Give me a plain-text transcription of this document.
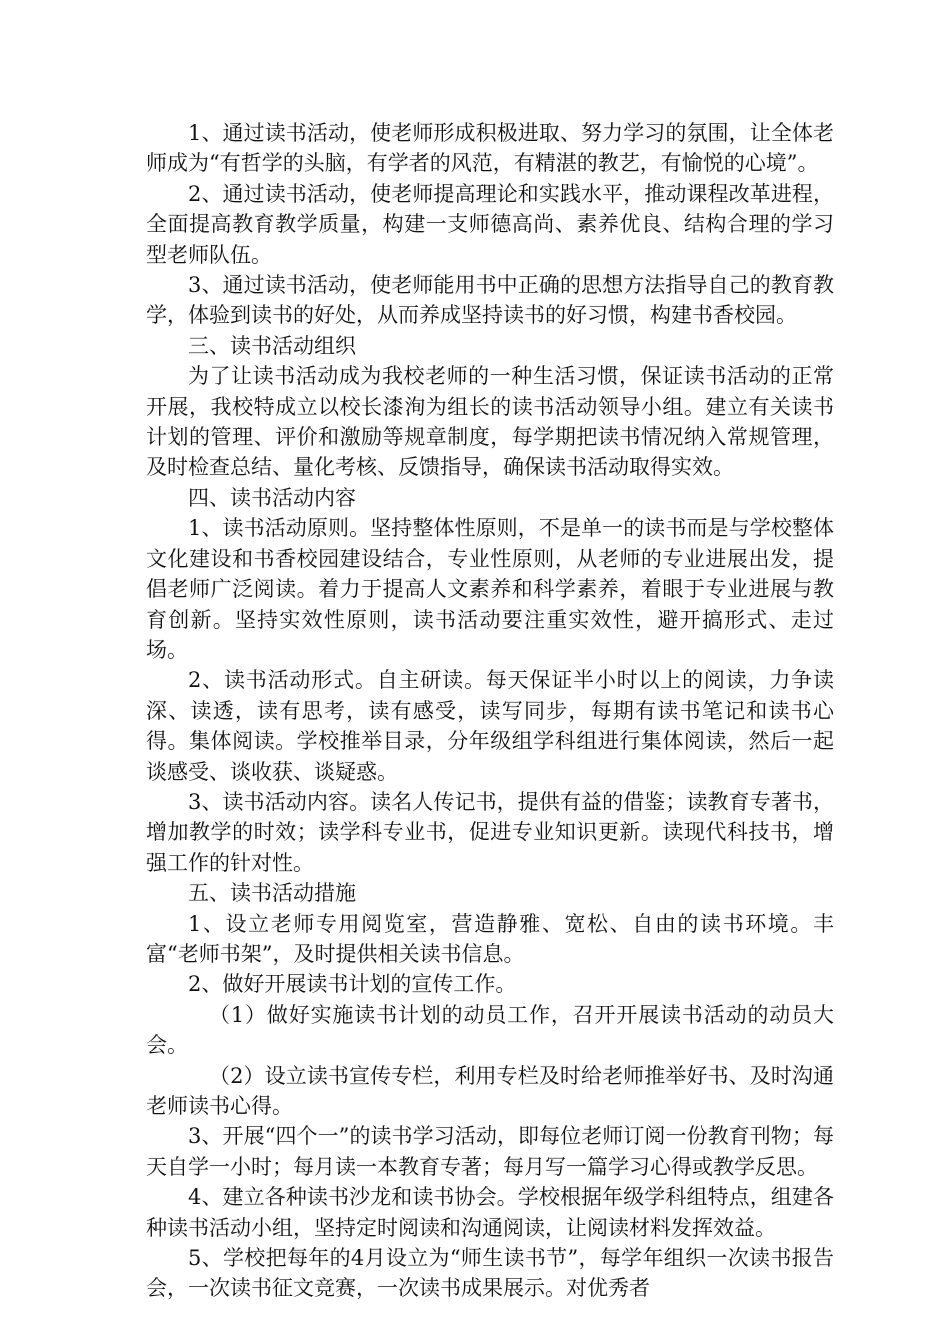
1、通过读书活动，使老师形成积极进取、努力学习的氛围，让全体老师成为“有哲学的头脑，有学者的风范，有精湛的教艺，有愉悦的心境”。

2、通过读书活动，使老师提高理论和实践水平，推动课程改革进程，全面提高教育教学质量，构建一支师德高尚、素养优良、结构合理的学习型老师队伍。

3、通过读书活动，使老师能用书中正确的思想方法指导自己的教育教学，体验到读书的好处，从而养成坚持读书的好习惯，构建书香校园。

三、读书活动组织

为了让读书活动成为我校老师的一种生活习惯，保证读书活动的正常开展，我校特成立以校长漆洵为组长的读书活动领导小组。建立有关读书计划的管理、评价和激励等规章制度，每学期把读书情况纳入常规管理，及时检查总结、量化考核、反馈指导，确保读书活动取得实效。

四、读书活动内容

1、读书活动原则。坚持整体性原则，不是单一的读书而是与学校整体文化建设和书香校园建设结合，专业性原则，从老师的专业进展出发，提倡老师广泛阅读。着力于提高人文素养和科学素养，着眼于专业进展与教育创新。坚持实效性原则，读书活动要注重实效性，避开搞形式、走过场。

2、读书活动形式。自主研读。每天保证半小时以上的阅读，力争读深、读透，读有思考，读有感受，读写同步，每期有读书笔记和读书心得。集体阅读。学校推举目录，分年级组学科组进行集体阅读，然后一起谈感受、谈收获、谈疑惑。

3、读书活动内容。读名人传记书，提供有益的借鉴；读教育专著书，增加教学的时效；读学科专业书，促进专业知识更新。读现代科技书，增强工作的针对性。

五、读书活动措施

1、设立老师专用阅览室，营造静雅、宽松、自由的读书环境。丰富“老师书架”，及时提供相关读书信息。

2、做好开展读书计划的宣传工作。

（1）做好实施读书计划的动员工作，召开开展读书活动的动员大会。

（2）设立读书宣传专栏，利用专栏及时给老师推举好书、及时沟通老师读书心得。

3、开展“四个一”的读书学习活动，即每位老师订阅一份教育刊物；每天自学一小时；每月读一本教育专著；每月写一篇学习心得或教学反思。

4、建立各种读书沙龙和读书协会。学校根据年级学科组特点，组建各种读书活动小组，坚持定时阅读和沟通阅读，让阅读材料发挥效益。

5、学校把每年的4月设立为“师生读书节”，每学年组织一次读书报告会，一次读书征文竞赛，一次读书成果展示。对优秀者
